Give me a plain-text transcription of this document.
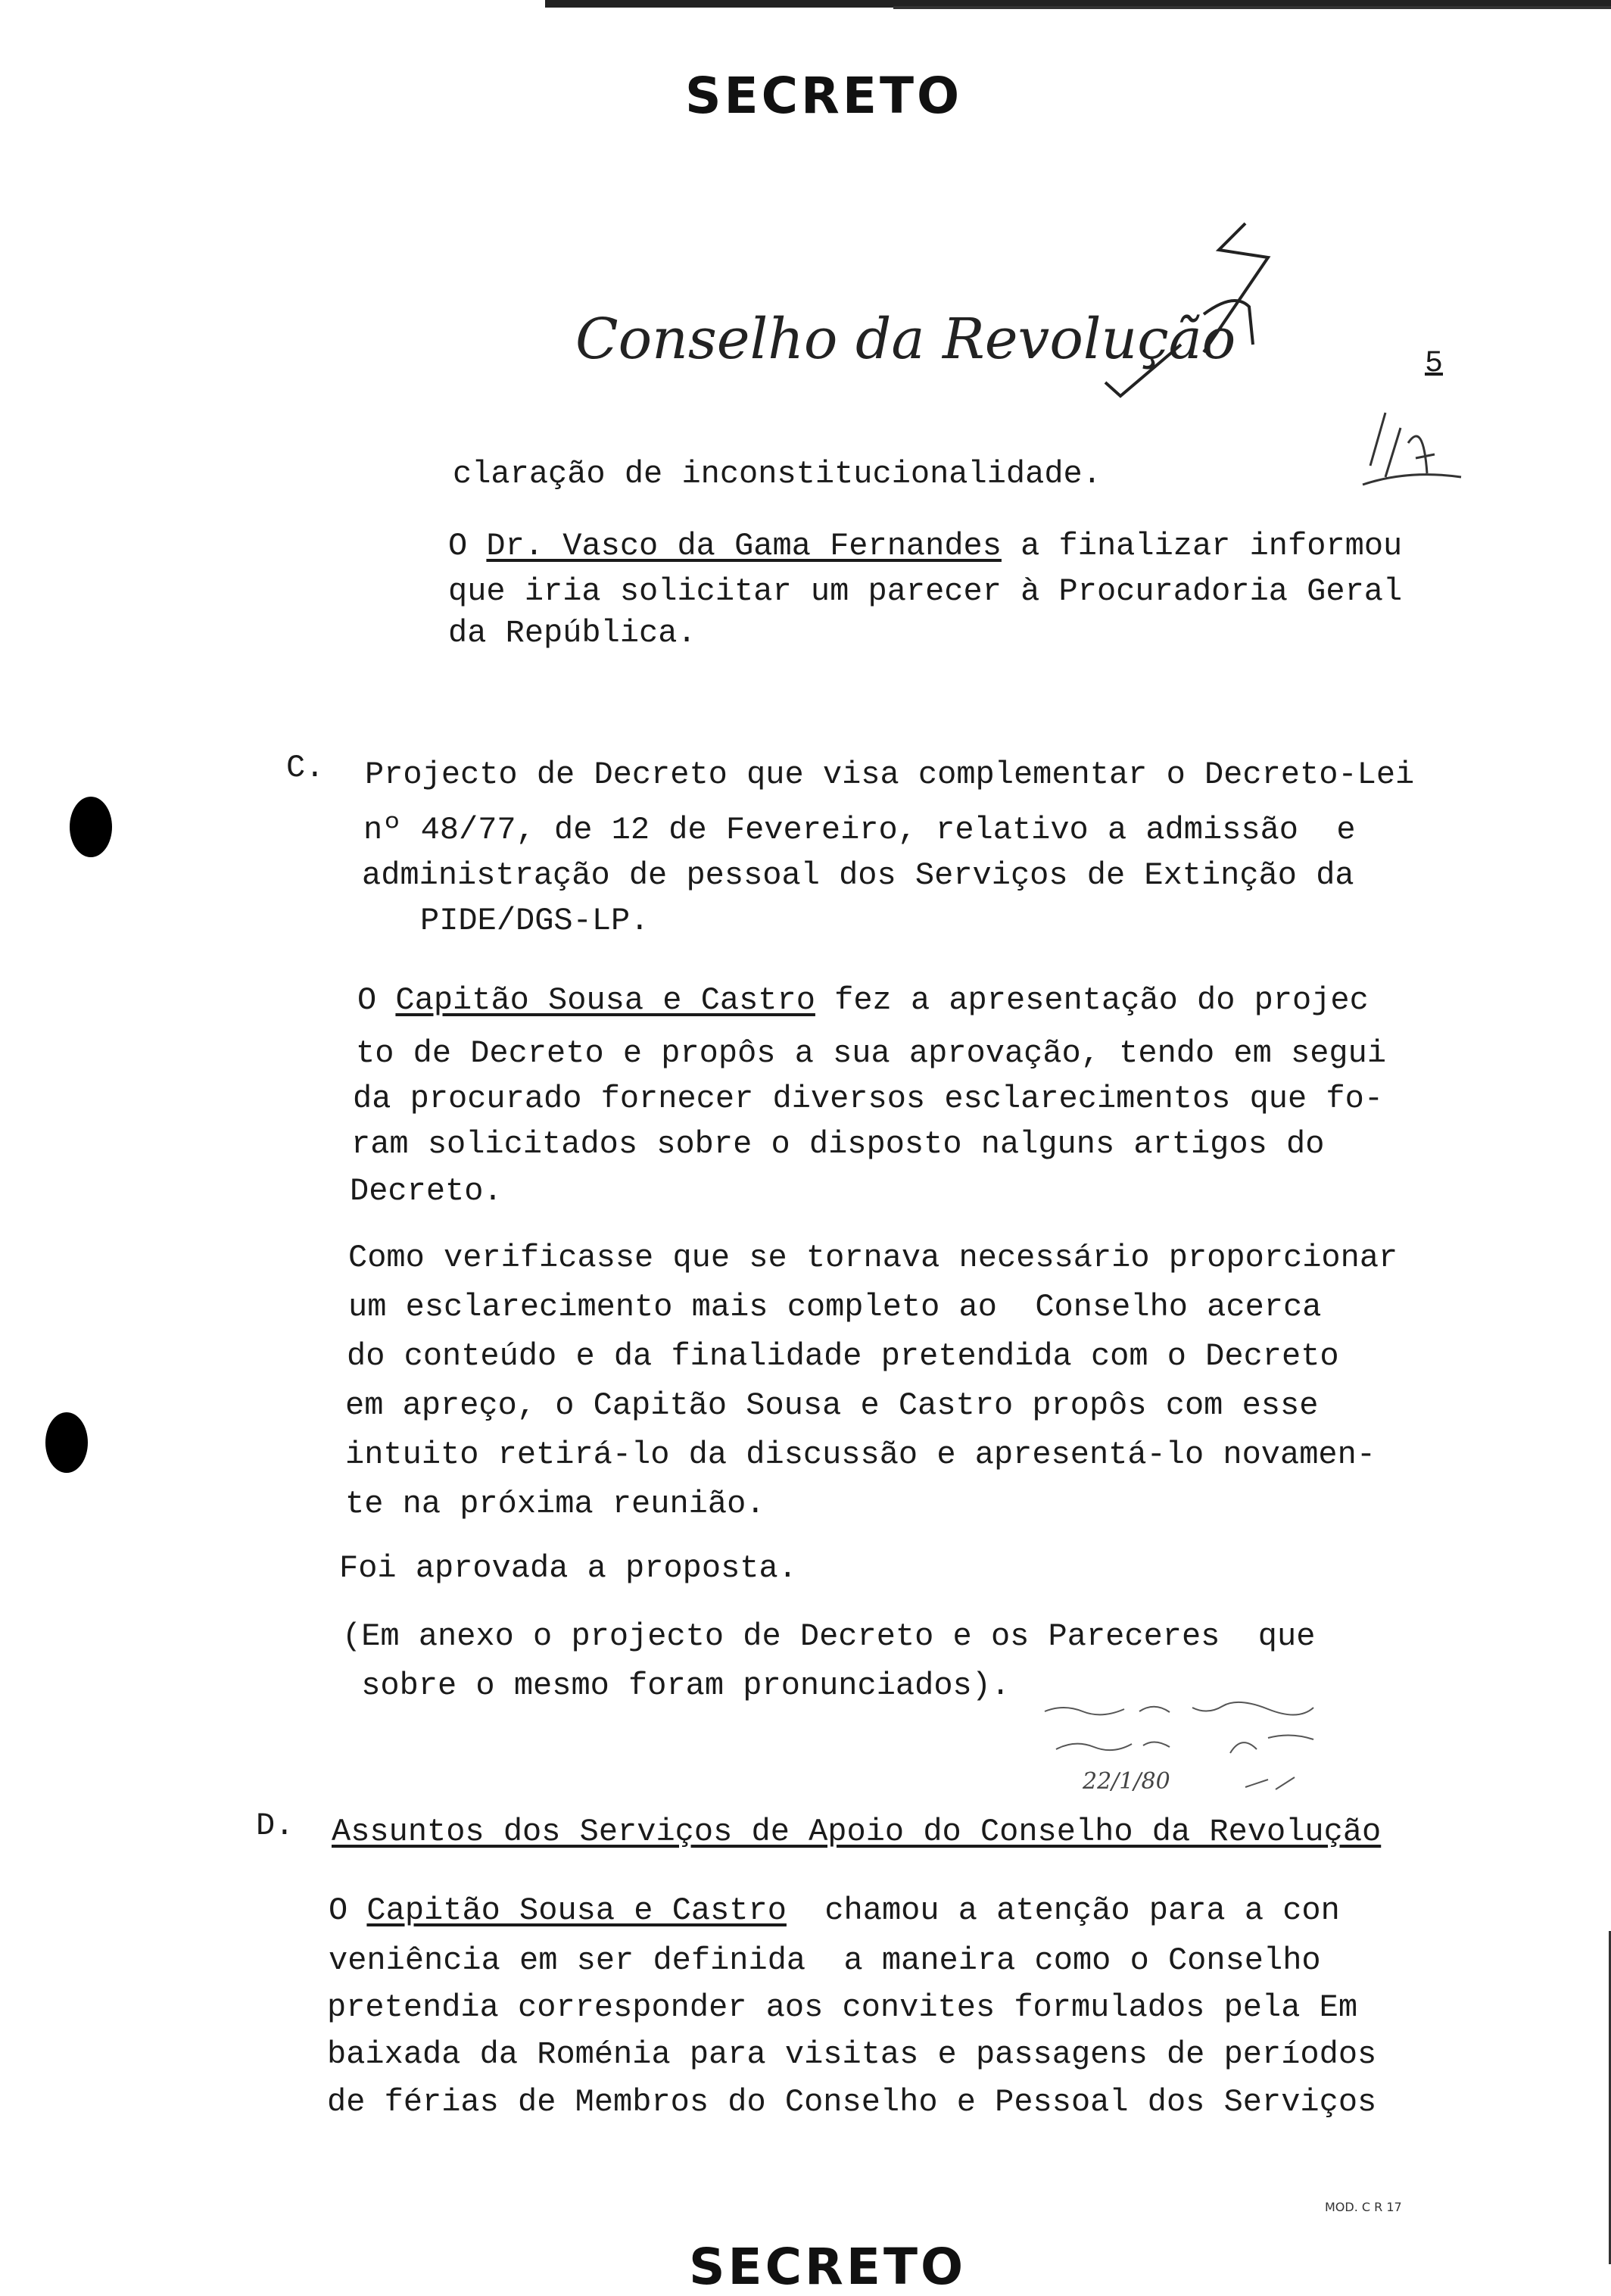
SECRETO
Conselho da Revolução	5
claração de inconstitucionalidade.
O Dr. Vasco da Gama Fernandes a finalizar informou
que iria solicitar um parecer à Procuradoria Geral
da República.
C. Projecto de Decreto que visa complementar o Decreto-Lei
nº 48/77, de 12 de Fevereiro, relativo a admissão  e
administração de pessoal dos Serviços de Extinção da
PIDE/DGS-LP.
O Capitão Sousa e Castro fez a apresentação do projec
to de Decreto e propôs a sua aprovação, tendo em segui
da procurado fornecer diversos esclarecimentos que fo-
ram solicitados sobre o disposto nalguns artigos do
Decreto.
Como verificasse que se tornava necessário proporcionar
um esclarecimento mais completo ao  Conselho acerca
do conteúdo e da finalidade pretendida com o Decreto
em apreço, o Capitão Sousa e Castro propôs com esse
intuito retirá-lo da discussão e apresentá-lo novamen-
te na próxima reunião.
Foi aprovada a proposta.
(Em anexo o projecto de Decreto e os Pareceres  que
sobre o mesmo foram pronunciados).
22/1/80
D. Assuntos dos Serviços de Apoio do Conselho da Revolução
O Capitão Sousa e Castro  chamou a atenção para a con
veniência em ser definida  a maneira como o Conselho
pretendia corresponder aos convites formulados pela Em
baixada da Roménia para visitas e passagens de períodos
de férias de Membros do Conselho e Pessoal dos Serviços
SECRETO
MOD. C R 17
